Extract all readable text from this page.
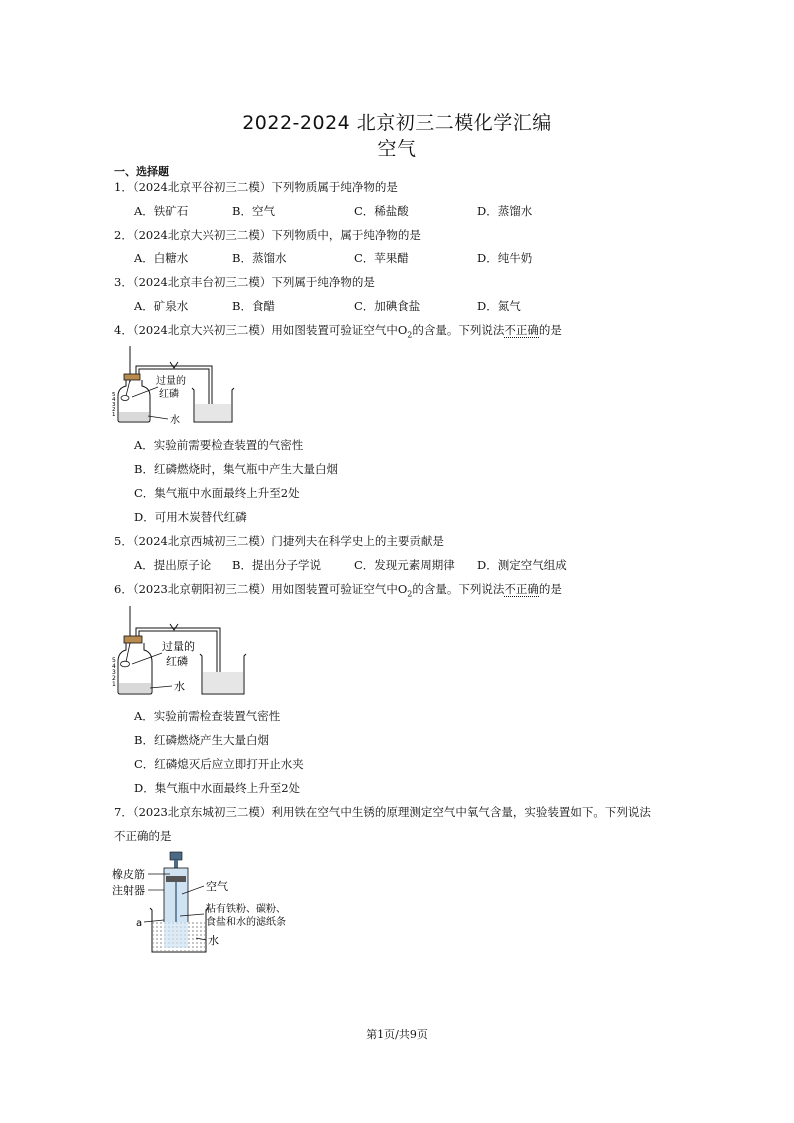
2022-2024 北京初三二模化学汇编
空气
一、选择题
1．（2024北京平谷初三二模）下列物质属于纯净物的是
A．铁矿石	B．空气	C．稀盐酸	D．蒸馏水
2．（2024北京大兴初三二模）下列物质中，属于纯净物的是
A．白糖水	B．蒸馏水	C．苹果醋	D．纯牛奶
3．（2024北京丰台初三二模）下列属于纯净物的是
A．矿泉水	B．食醋	C．加碘食盐	D．氮气
4．（2024北京大兴初三二模）用如图装置可验证空气中$O_2$的含量。下列说法不正确的是
5
4
3
2
1
过量的
红磷
水
A．实验前需要检查装置的气密性
B．红磷燃烧时，集气瓶中产生大量白烟
C．集气瓶中水面最终上升至2处
D．可用木炭替代红磷
5．（2024北京西城初三二模）门捷列夫在科学史上的主要贡献是
A．提出原子论 B．提出分子学说	C．发现元素周期律 D．测定空气组成
6．（2023北京朝阳初三二模）用如图装置可验证空气中$O_2$的含量。下列说法不正确的是
5
4
3
2
1
过量的
红磷
水
A．实验前需检查装置气密性
B．红磷燃烧产生大量白烟
C．红磷熄灭后应立即打开止水夹
D．集气瓶中水面最终上升至2处
7．（2023北京东城初三二模）利用铁在空气中生锈的原理测定空气中氧气含量，实验装置如下。下列说法
不正确的是
橡皮筋
注射器	空气
粘有铁粉、碳粉、
食盐和水的滤纸条
a
水
第1页/共9页
